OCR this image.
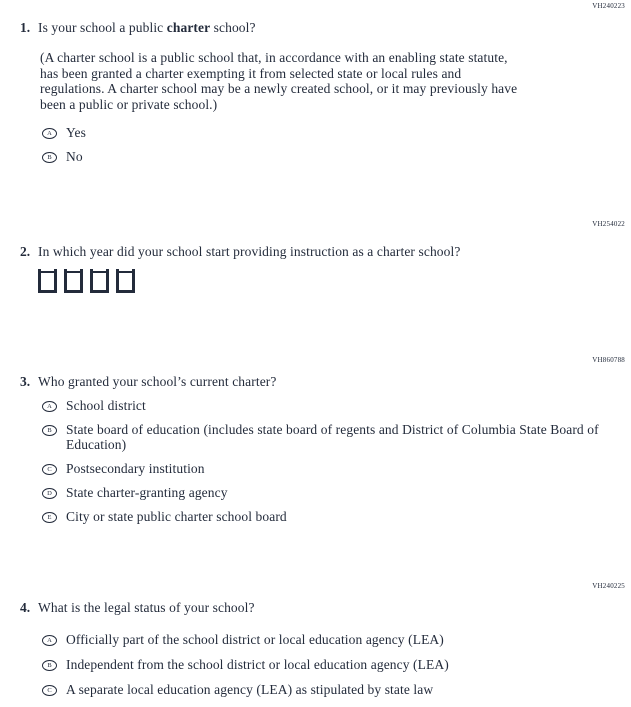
VH240223
1. Is your school a public charter school?
(A charter school is a public school that, in accordance with an enabling state statute, has been granted a charter exempting it from selected state or local rules and regulations. A charter school may be a newly created school, or it may previously have been a public or private school.)
A	Yes
B	No
VH254022
2. In which year did your school start providing instruction as a charter school?
VH860788
3. Who granted your school’s current charter?
A	School district
B	State board of education (includes state board of regents and District of Columbia State Board of Education)
C	Postsecondary institution
D	State charter-granting agency
E	City or state public charter school board
VH240225
4. What is the legal status of your school?
A	Officially part of the school district or local education agency (LEA)
B	Independent from the school district or local education agency (LEA)
C	A separate local education agency (LEA) as stipulated by state law
